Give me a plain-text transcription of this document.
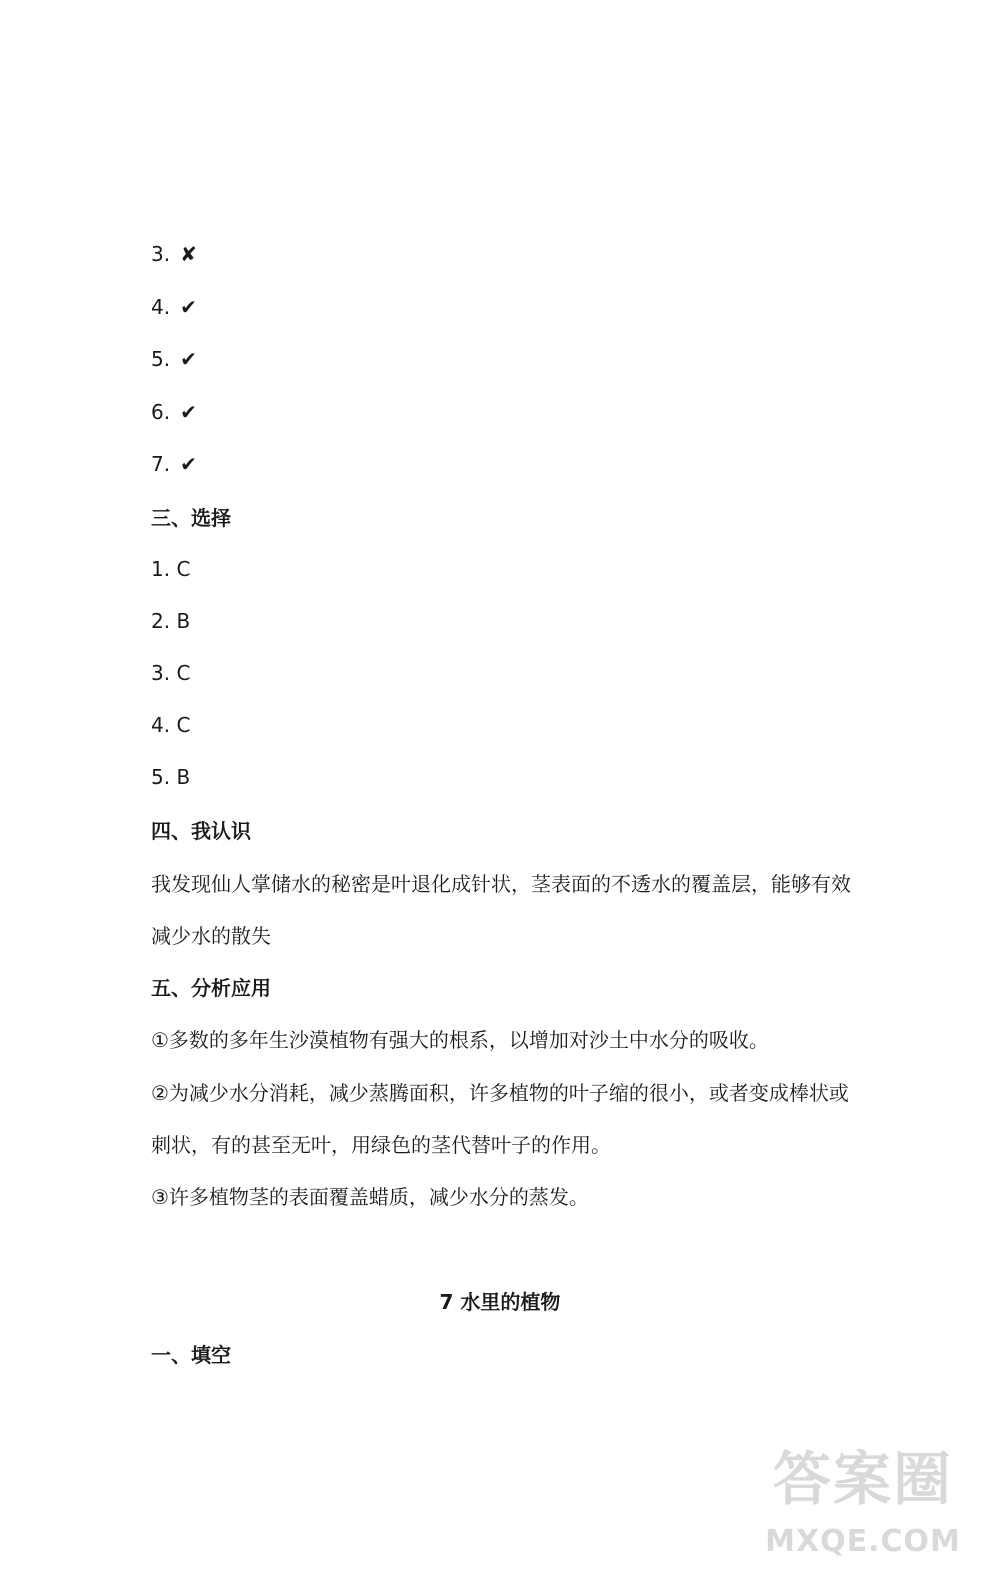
3. ✘
4. ✔
5. ✔
6. ✔
7. ✔
三、选择
1. C
2. B
3. C
4. C
5. B
四、我认识
我发现仙人掌储水的秘密是叶退化成针状，茎表面的不透水的覆盖层，能够有效
减少水的散失
五、分析应用
①多数的多年生沙漠植物有强大的根系，以增加对沙土中水分的吸收。
②为减少水分消耗，减少蒸腾面积，许多植物的叶子缩的很小，或者变成棒状或
刺状，有的甚至无叶，用绿色的茎代替叶子的作用。
③许多植物茎的表面覆盖蜡质，减少水分的蒸发。
7 水里的植物
一、填空
答案圈
MXQE.COM
